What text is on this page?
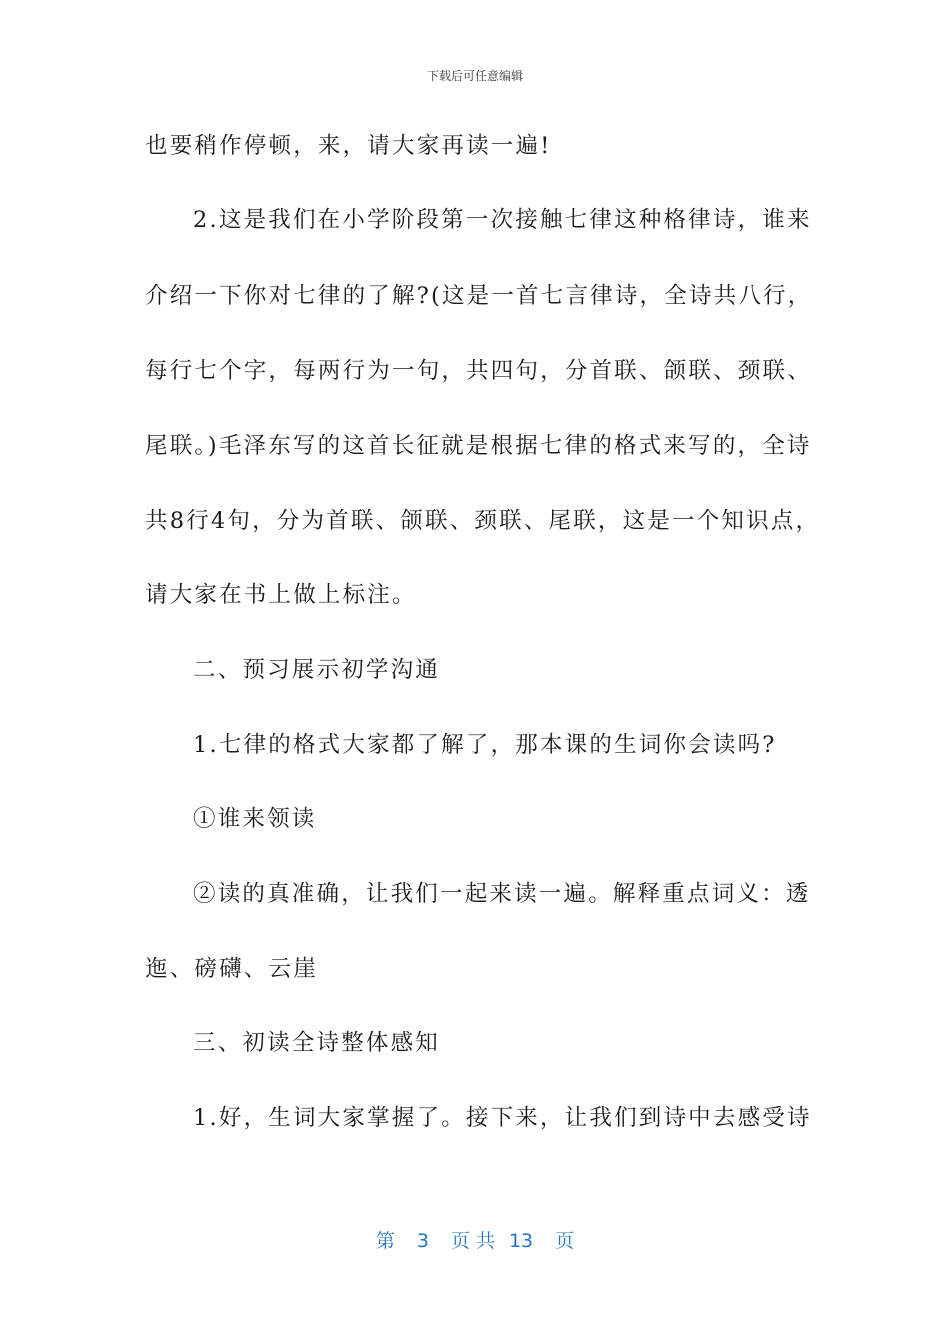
下载后可任意编辑
也要稍作停顿，来，请大家再读一遍!
2.这是我们在小学阶段第一次接触七律这种格律诗，谁来
介绍一下你对七律的了解?(这是一首七言律诗，全诗共八行，
每行七个字，每两行为一句，共四句，分首联、颌联、颈联、
尾联。)毛泽东写的这首长征就是根据七律的格式来写的，全诗
共8行4句，分为首联、颌联、颈联、尾联，这是一个知识点，
请大家在书上做上标注。
二、预习展示初学沟通
1.七律的格式大家都了解了，那本课的生词你会读吗?
①谁来领读
②读的真准确，让我们一起来读一遍。解释重点词义：透
迤、磅礴、云崖
三、初读全诗整体感知
1.好，生词大家掌握了。接下来，让我们到诗中去感受诗
第 3 页 共 13 页
